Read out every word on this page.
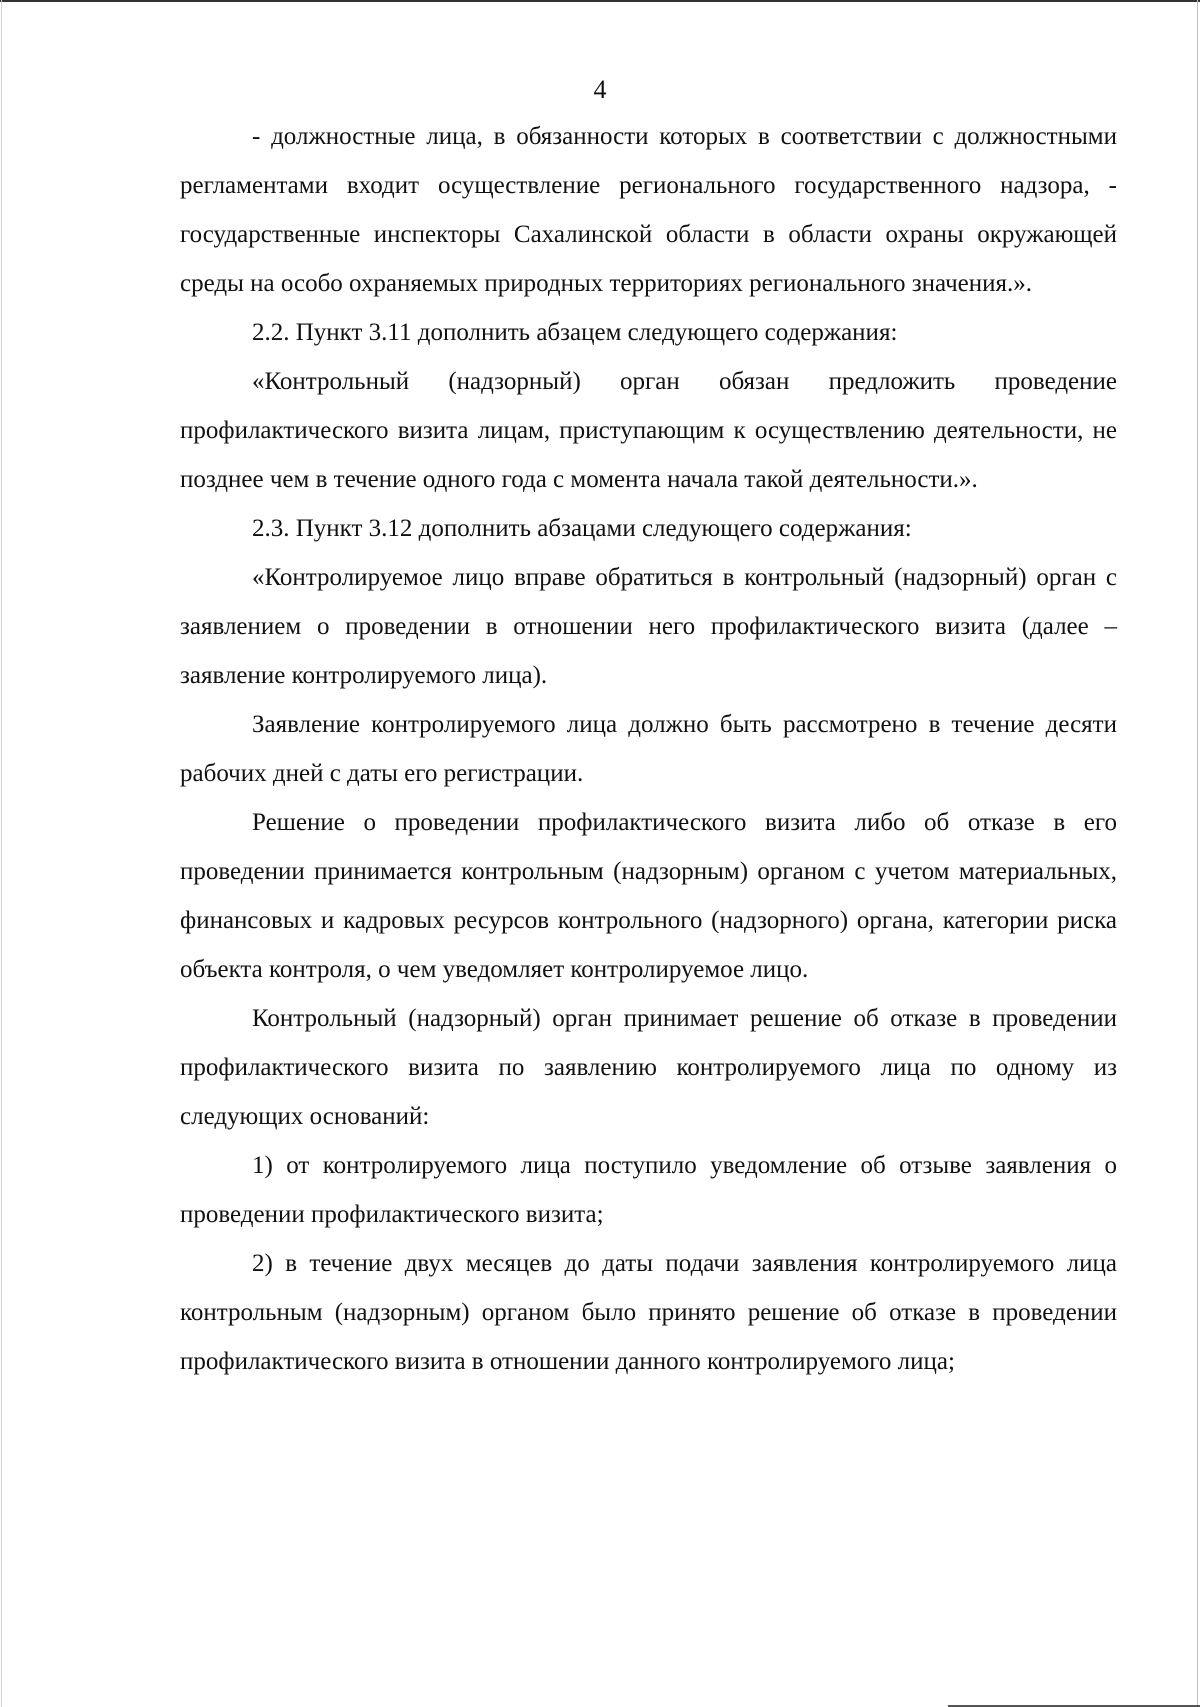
4

- должностные лица, в обязанности которых в соответствии с должностными регламентами входит осуществление регионального государственного надзора, - государственные инспекторы Сахалинской области в области охраны окружающей среды на особо охраняемых природных территориях регионального значения.».

2.2. Пункт 3.11 дополнить абзацем следующего содержания:

«Контрольный (надзорный) орган обязан предложить проведение профилактического визита лицам, приступающим к осуществлению деятельности, не позднее чем в течение одного года с момента начала такой деятельности.».

2.3. Пункт 3.12 дополнить абзацами следующего содержания:

«Контролируемое лицо вправе обратиться в контрольный (надзорный) орган с заявлением о проведении в отношении него профилактического визита (далее – заявление контролируемого лица).

Заявление контролируемого лица должно быть рассмотрено в течение десяти рабочих дней с даты его регистрации.

Решение о проведении профилактического визита либо об отказе в его проведении принимается контрольным (надзорным) органом с учетом материальных, финансовых и кадровых ресурсов контрольного (надзорного) органа, категории риска объекта контроля, о чем уведомляет контролируемое лицо.

Контрольный (надзорный) орган принимает решение об отказе в проведении профилактического визита по заявлению контролируемого лица по одному из следующих оснований:

1) от контролируемого лица поступило уведомление об отзыве заявления о проведении профилактического визита;

2) в течение двух месяцев до даты подачи заявления контролируемого лица контрольным (надзорным) органом было принято решение об отказе в проведении профилактического визита в отношении данного контролируемого лица;
